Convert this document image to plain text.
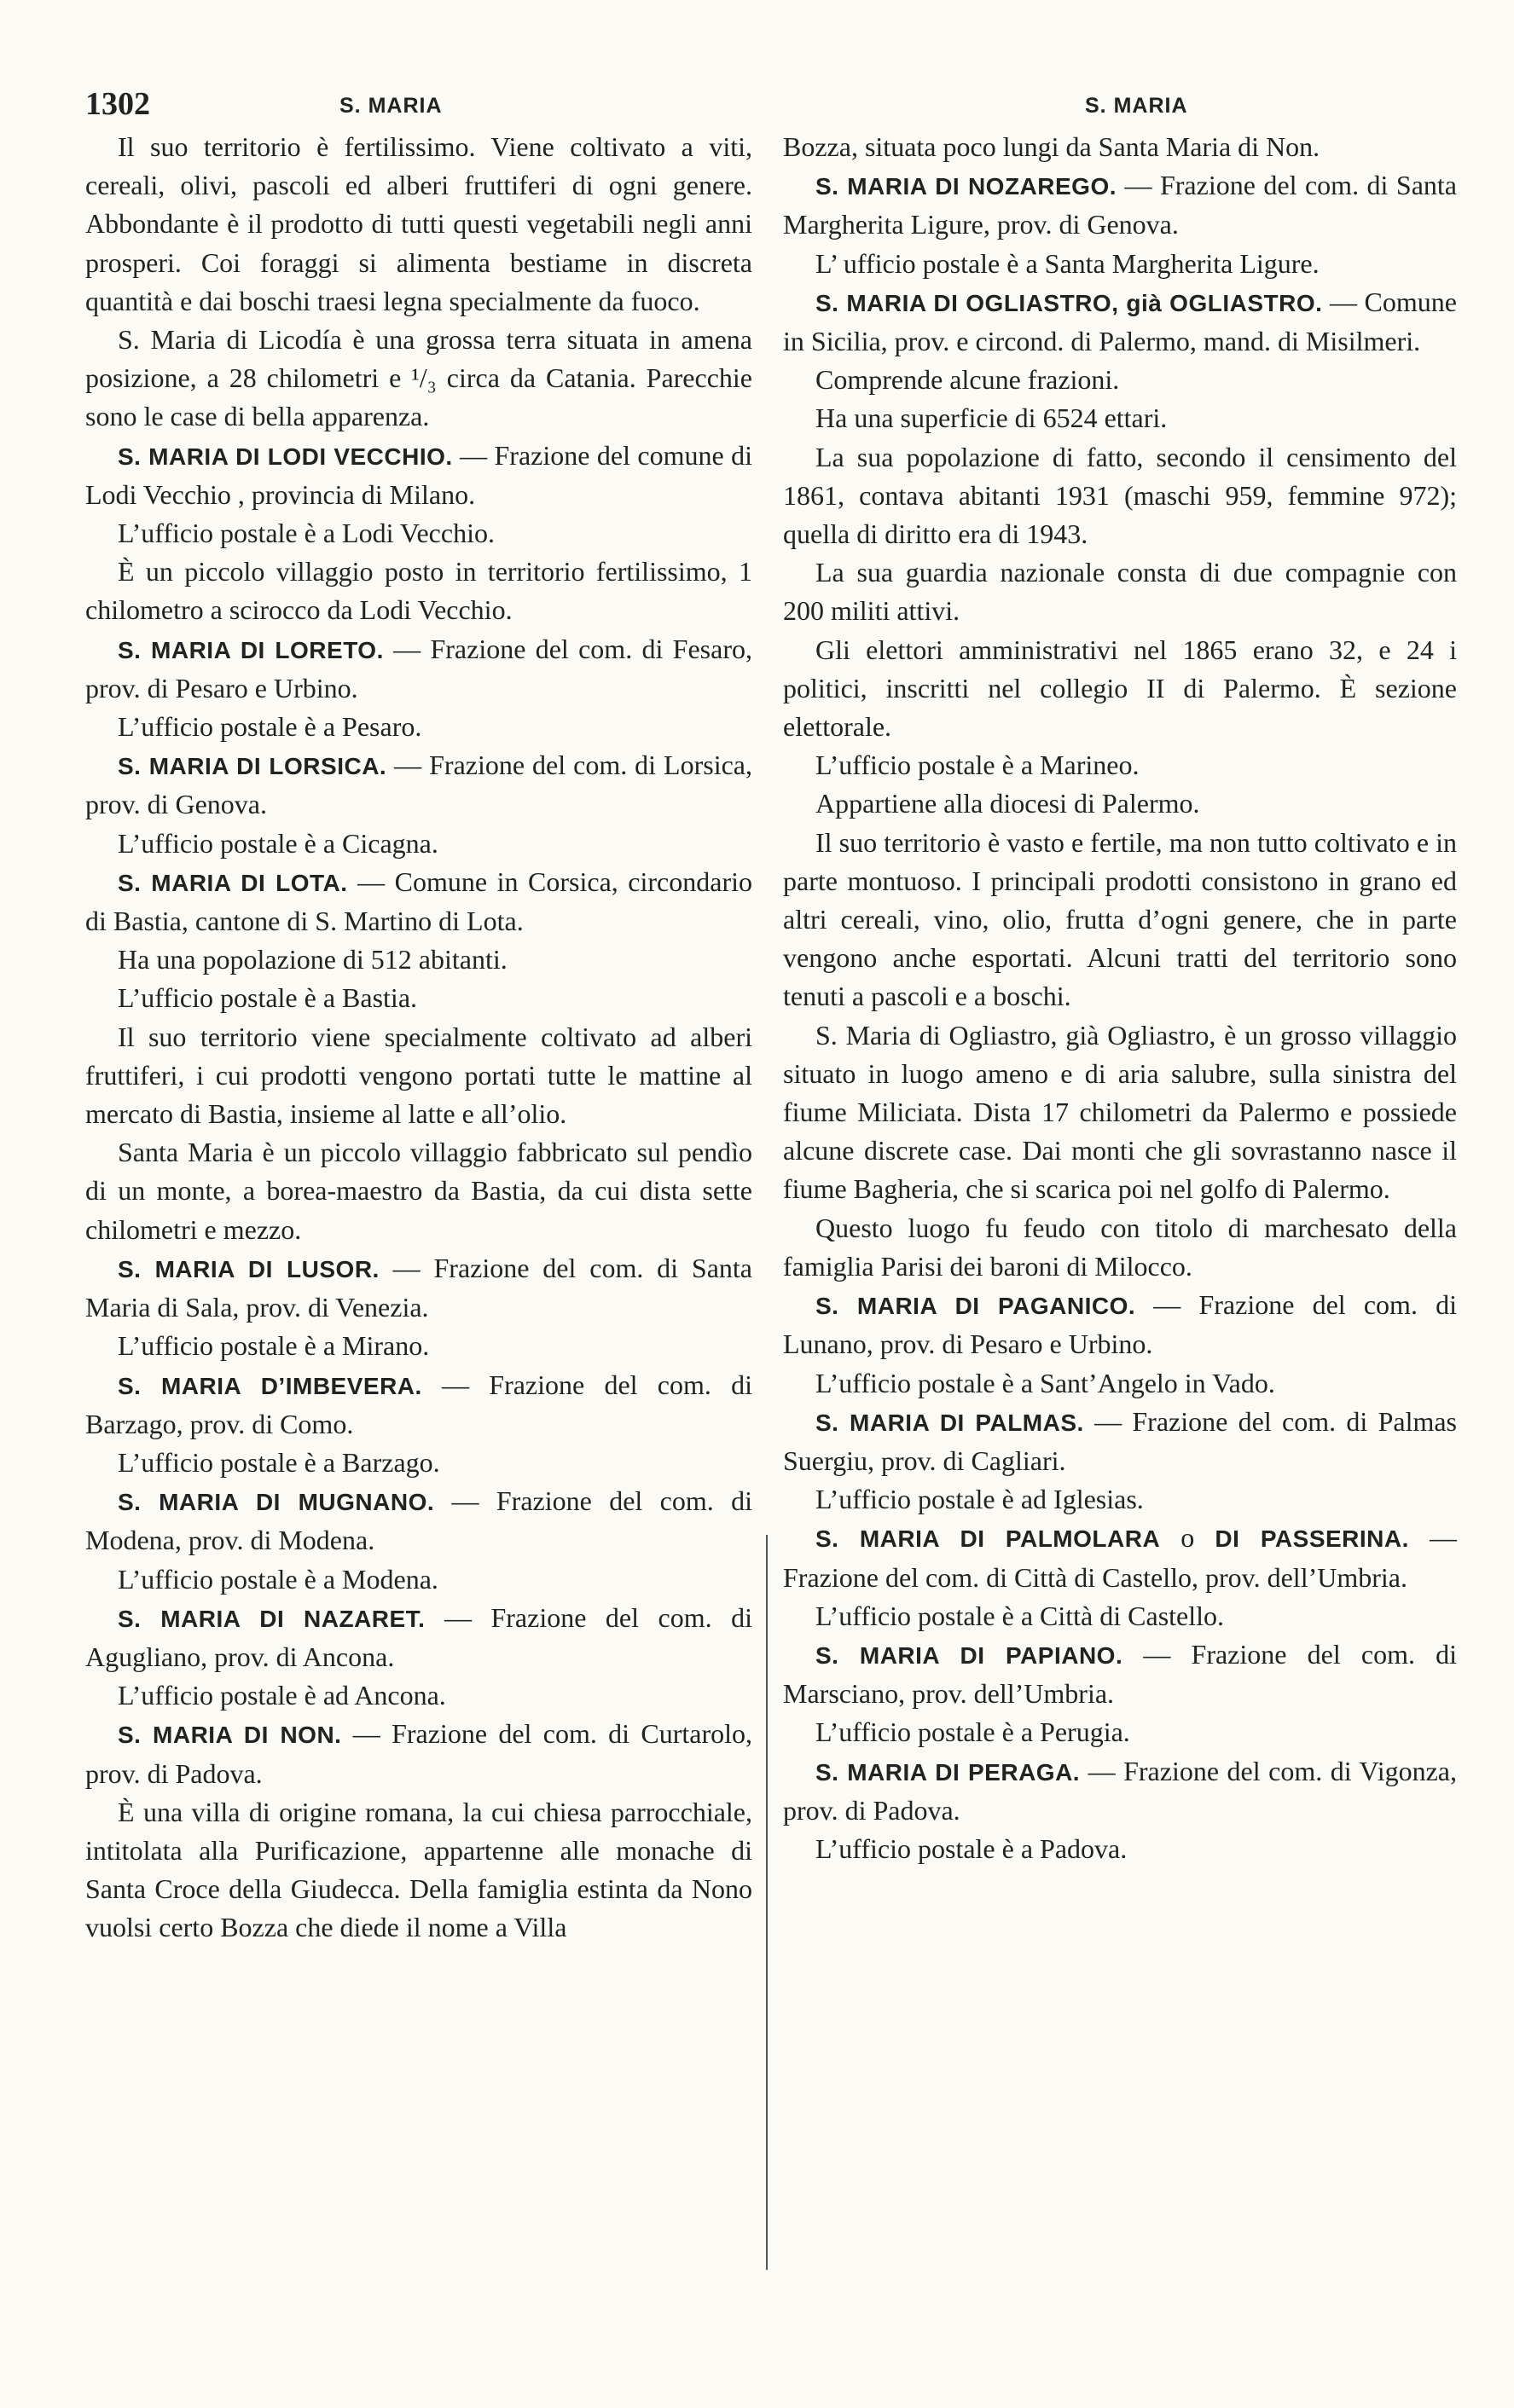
1302	S. MARIA	S. MARIA

Il suo territorio è fertilissimo. Viene coltivato a viti, cereali, olivi, pascoli ed alberi fruttiferi di ogni genere. Abbondante è il prodotto di tutti questi vegetabili negli anni prosperi. Coi foraggi si alimenta bestiame in discreta quantità e dai boschi traesi legna specialmente da fuoco.

S. Maria di Licodía è una grossa terra situata in amena posizione, a 28 chilometri e ¹/₃ circa da Catania. Parecchie sono le case di bella apparenza.

S. MARIA DI LODI VECCHIO. — Frazione del comune di Lodi Vecchio , provincia di Milano.

L’ufficio postale è a Lodi Vecchio.

È un piccolo villaggio posto in territorio fertilissimo, 1 chilometro a scirocco da Lodi Vecchio.

S. MARIA DI LORETO. — Frazione del com. di Fesaro, prov. di Pesaro e Urbino.

L’ufficio postale è a Pesaro.

S. MARIA DI LORSICA. — Frazione del com. di Lorsica, prov. di Genova.

L’ufficio postale è a Cicagna.

S. MARIA DI LOTA. — Comune in Corsica, circondario di Bastia, cantone di S. Martino di Lota.

Ha una popolazione di 512 abitanti.

L’ufficio postale è a Bastia.

Il suo territorio viene specialmente coltivato ad alberi fruttiferi, i cui prodotti vengono portati tutte le mattine al mercato di Bastia, insieme al latte e all’olio.

Santa Maria è un piccolo villaggio fabbricato sul pendìo di un monte, a borea-maestro da Bastia, da cui dista sette chilometri e mezzo.

S. MARIA DI LUSOR. — Frazione del com. di Santa Maria di Sala, prov. di Venezia.

L’ufficio postale è a Mirano.

S. MARIA D’IMBEVERA. — Frazione del com. di Barzago, prov. di Como.

L’ufficio postale è a Barzago.

S. MARIA DI MUGNANO. — Frazione del com. di Modena, prov. di Modena.

L’ufficio postale è a Modena.

S. MARIA DI NAZARET. — Frazione del com. di Agugliano, prov. di Ancona.

L’ufficio postale è ad Ancona.

S. MARIA DI NON. — Frazione del com. di Curtarolo, prov. di Padova.

È una villa di origine romana, la cui chiesa parrocchiale, intitolata alla Purificazione, appartenne alle monache di Santa Croce della Giudecca. Della famiglia estinta da Nono vuolsi certo Bozza che diede il nome a Villa

Bozza, situata poco lungi da Santa Maria di Non.

S. MARIA DI NOZAREGO. — Frazione del com. di Santa Margherita Ligure, prov. di Genova.

L’ ufficio postale è a Santa Margherita Ligure.

S. MARIA DI OGLIASTRO, già OGLIASTRO. — Comune in Sicilia, prov. e circond. di Palermo, mand. di Misilmeri.

Comprende alcune frazioni.

Ha una superficie di 6524 ettari.

La sua popolazione di fatto, secondo il censimento del 1861, contava abitanti 1931 (maschi 959, femmine 972); quella di diritto era di 1943.

La sua guardia nazionale consta di due compagnie con 200 militi attivi.

Gli elettori amministrativi nel 1865 erano 32, e 24 i politici, inscritti nel collegio II di Palermo. È sezione elettorale.

L’ufficio postale è a Marineo.

Appartiene alla diocesi di Palermo.

Il suo territorio è vasto e fertile, ma non tutto coltivato e in parte montuoso. I principali prodotti consistono in grano ed altri cereali, vino, olio, frutta d’ogni genere, che in parte vengono anche esportati. Alcuni tratti del territorio sono tenuti a pascoli e a boschi.

S. Maria di Ogliastro, già Ogliastro, è un grosso villaggio situato in luogo ameno e di aria salubre, sulla sinistra del fiume Miliciata. Dista 17 chilometri da Palermo e possiede alcune discrete case. Dai monti che gli sovrastanno nasce il fiume Bagheria, che si scarica poi nel golfo di Palermo.

Questo luogo fu feudo con titolo di marchesato della famiglia Parisi dei baroni di Milocco.

S. MARIA DI PAGANICO. — Frazione del com. di Lunano, prov. di Pesaro e Urbino.

L’ufficio postale è a Sant’Angelo in Vado.

S. MARIA DI PALMAS. — Frazione del com. di Palmas Suergiu, prov. di Cagliari.

L’ufficio postale è ad Iglesias.

S. MARIA DI PALMOLARA o DI PASSERINA. — Frazione del com. di Città di Castello, prov. dell’Umbria.

L’ufficio postale è a Città di Castello.

S. MARIA DI PAPIANO. — Frazione del com. di Marsciano, prov. dell’Umbria.

L’ufficio postale è a Perugia.

S. MARIA DI PERAGA. — Frazione del com. di Vigonza, prov. di Padova.

L’ufficio postale è a Padova.
